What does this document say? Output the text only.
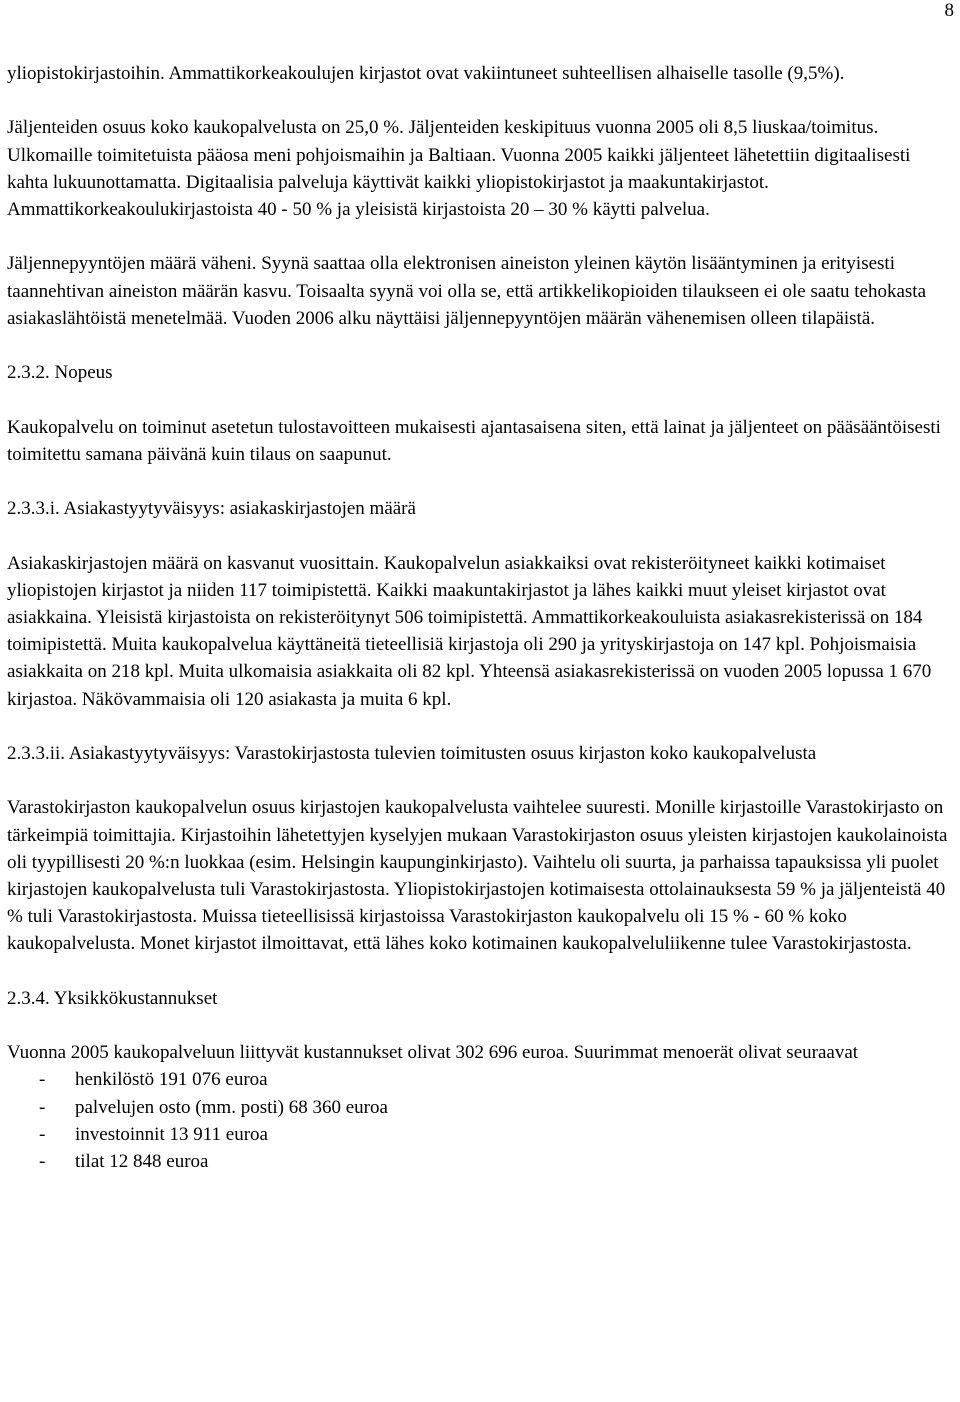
8

yliopistokirjastoihin. Ammattikorkeakoulujen kirjastot ovat vakiintuneet suhteellisen alhaiselle tasolle (9,5%).

Jäljenteiden osuus koko kaukopalvelusta on 25,0 %. Jäljenteiden keskipituus vuonna 2005 oli 8,5 liuskaa/toimitus. Ulkomaille toimitetuista pääosa meni pohjoismaihin ja Baltiaan. Vuonna 2005 kaikki jäljenteet lähetettiin digitaalisesti kahta lukuunottamatta. Digitaalisia palveluja käyttivät kaikki yliopistokirjastot ja maakuntakirjastot. Ammattikorkeakoulukirjastoista 40 - 50 % ja yleisistä kirjastoista 20 – 30 % käytti palvelua.

Jäljennepyyntöjen määrä väheni. Syynä saattaa olla elektronisen aineiston yleinen käytön lisääntyminen ja erityisesti taannehtivan aineiston määrän kasvu. Toisaalta syynä voi olla se, että artikkelikopioiden tilaukseen ei ole saatu tehokasta asiakaslähtöistä menetelmää. Vuoden 2006 alku näyttäisi jäljennepyyntöjen määrän vähenemisen olleen tilapäistä.

2.3.2. Nopeus

Kaukopalvelu on toiminut asetetun tulostavoitteen mukaisesti ajantasaisena siten, että lainat ja jäljenteet on pääsääntöisesti toimitettu samana päivänä kuin tilaus on saapunut.

2.3.3.i. Asiakastyytyväisyys: asiakaskirjastojen määrä

Asiakaskirjastojen määrä on kasvanut vuosittain. Kaukopalvelun asiakkaiksi ovat rekisteröityneet kaikki kotimaiset yliopistojen kirjastot ja niiden 117 toimipistettä. Kaikki maakuntakirjastot ja lähes kaikki muut yleiset kirjastot ovat asiakkaina. Yleisistä kirjastoista on rekisteröitynyt 506 toimipistettä. Ammattikorkeakouluista asiakasrekisterissä on 184 toimipistettä. Muita kaukopalvelua käyttäneitä tieteellisiä kirjastoja oli 290 ja yrityskirjastoja on 147 kpl. Pohjoismaisia asiakkaita on 218 kpl. Muita ulkomaisia asiakkaita oli 82 kpl. Yhteensä asiakasrekisterissä on vuoden 2005 lopussa 1 670 kirjastoa. Näkövammaisia oli 120 asiakasta ja muita 6 kpl.

2.3.3.ii. Asiakastyytyväisyys: Varastokirjastosta tulevien toimitusten osuus kirjaston koko kaukopalvelusta

Varastokirjaston kaukopalvelun osuus kirjastojen kaukopalvelusta vaihtelee suuresti. Monille kirjastoille Varastokirjasto on tärkeimpiä toimittajia. Kirjastoihin lähetettyjen kyselyjen mukaan Varastokirjaston osuus yleisten kirjastojen kaukolainoista oli tyypillisesti 20 %:n luokkaa (esim. Helsingin kaupunginkirjasto). Vaihtelu oli suurta, ja parhaissa tapauksissa yli puolet kirjastojen kaukopalvelusta tuli Varastokirjastosta. Yliopistokirjastojen kotimaisesta ottolainauksesta 59 % ja jäljenteistä 40 % tuli Varastokirjastosta. Muissa tieteellisissä kirjastoissa Varastokirjaston kaukopalvelu oli 15 % - 60 % koko kaukopalvelusta. Monet kirjastot ilmoittavat, että lähes koko kotimainen kaukopalveluliikenne tulee Varastokirjastosta.

2.3.4. Yksikkökustannukset

Vuonna 2005 kaukopalveluun liittyvät kustannukset olivat 302 696 euroa. Suurimmat menoerät olivat seuraavat

-	henkilöstö 191 076 euroa
-	palvelujen osto (mm. posti) 68 360 euroa
-	investoinnit 13 911 euroa
-	tilat 12 848 euroa
